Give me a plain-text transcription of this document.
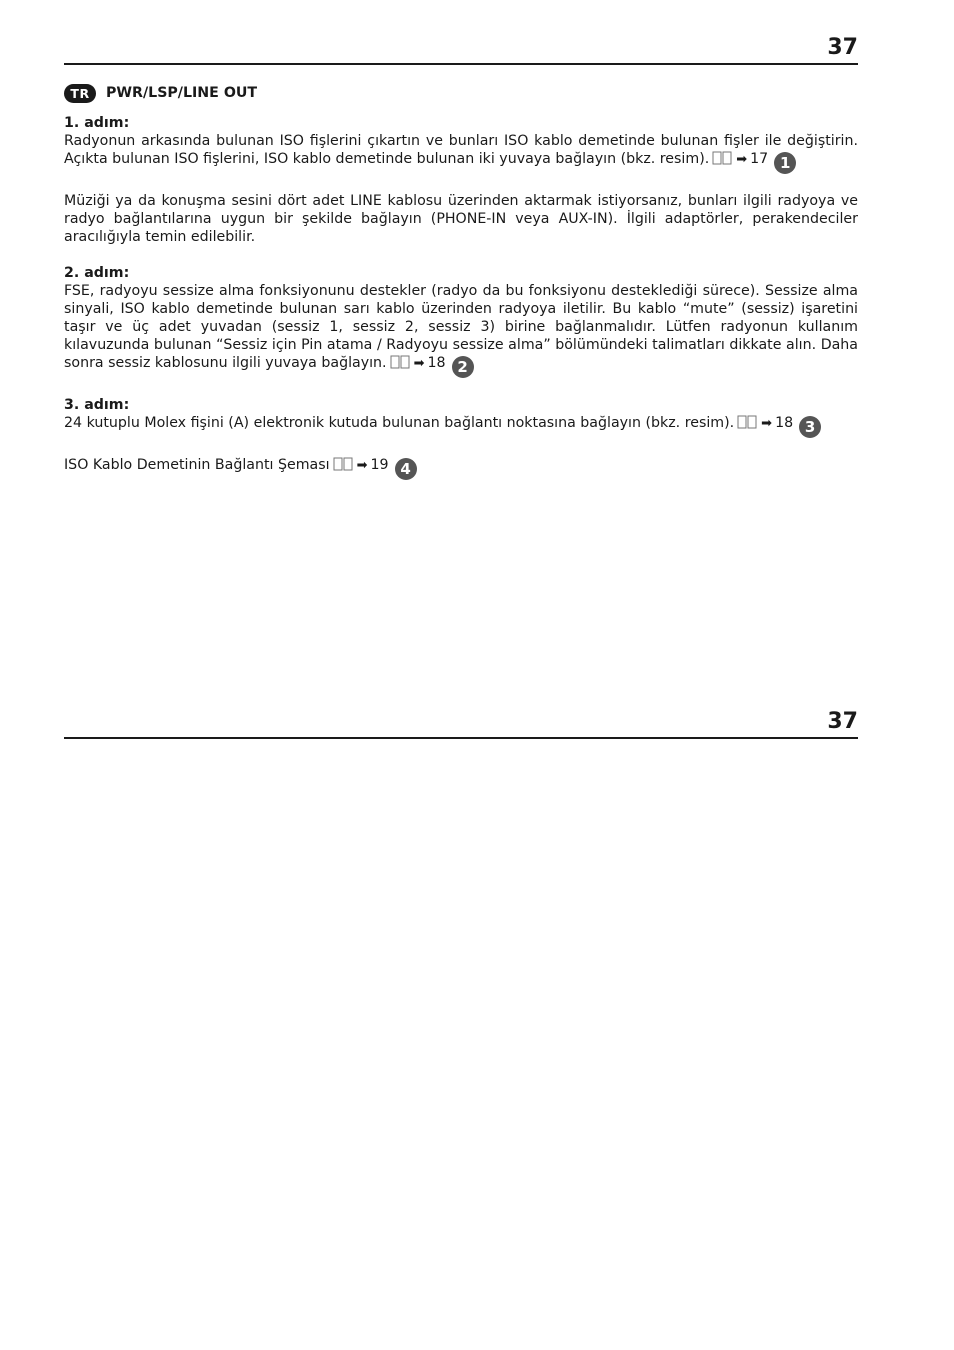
37
TR	PWR/LSP/LINE OUT
1. adım:

Radyonun arkasında bulunan ISO fişlerini çıkartın ve bunları ISO kablo demetinde bulunan fişler ile değiştirin. Açıkta bulunan ISO fişlerini, ISO kablo demetinde bulunan iki yuvaya bağlayın (bkz. resim). ➡ 17 1

Müziği ya da konuşma sesini dört adet LINE kablosu üzerinden aktarmak istiyorsanız, bunları ilgili radyoya ve radyo bağlantılarına uygun bir şekilde bağlayın (PHONE-IN veya AUX-IN). İlgili adaptörler, perakendeciler aracılığıyla temin edilebilir.

2. adım:

FSE, radyoyu sessize alma fonksiyonunu destekler (radyo da bu fonksiyonu desteklediği sürece). Sessize alma sinyali, ISO kablo demetinde bulunan sarı kablo üzerinden radyoya iletilir. Bu kablo “mute” (sessiz) işaretini taşır ve üç adet yuvadan (sessiz 1, sessiz 2, sessiz 3) birine bağlanmalıdır. Lütfen radyonun kullanım kılavuzunda bulunan “Sessiz için Pin atama / Radyoyu sessize alma” bölümündeki talimatları dikkate alın. Daha sonra sessiz kablosunu ilgili yuvaya bağlayın. ➡ 18 2

3. adım:

24 kutuplu Molex fişini (A) elektronik kutuda bulunan bağlantı noktasına bağlayın (bkz. resim). ➡ 18 3

ISO Kablo Demetinin Bağlantı Şeması ➡ 19 4

37
